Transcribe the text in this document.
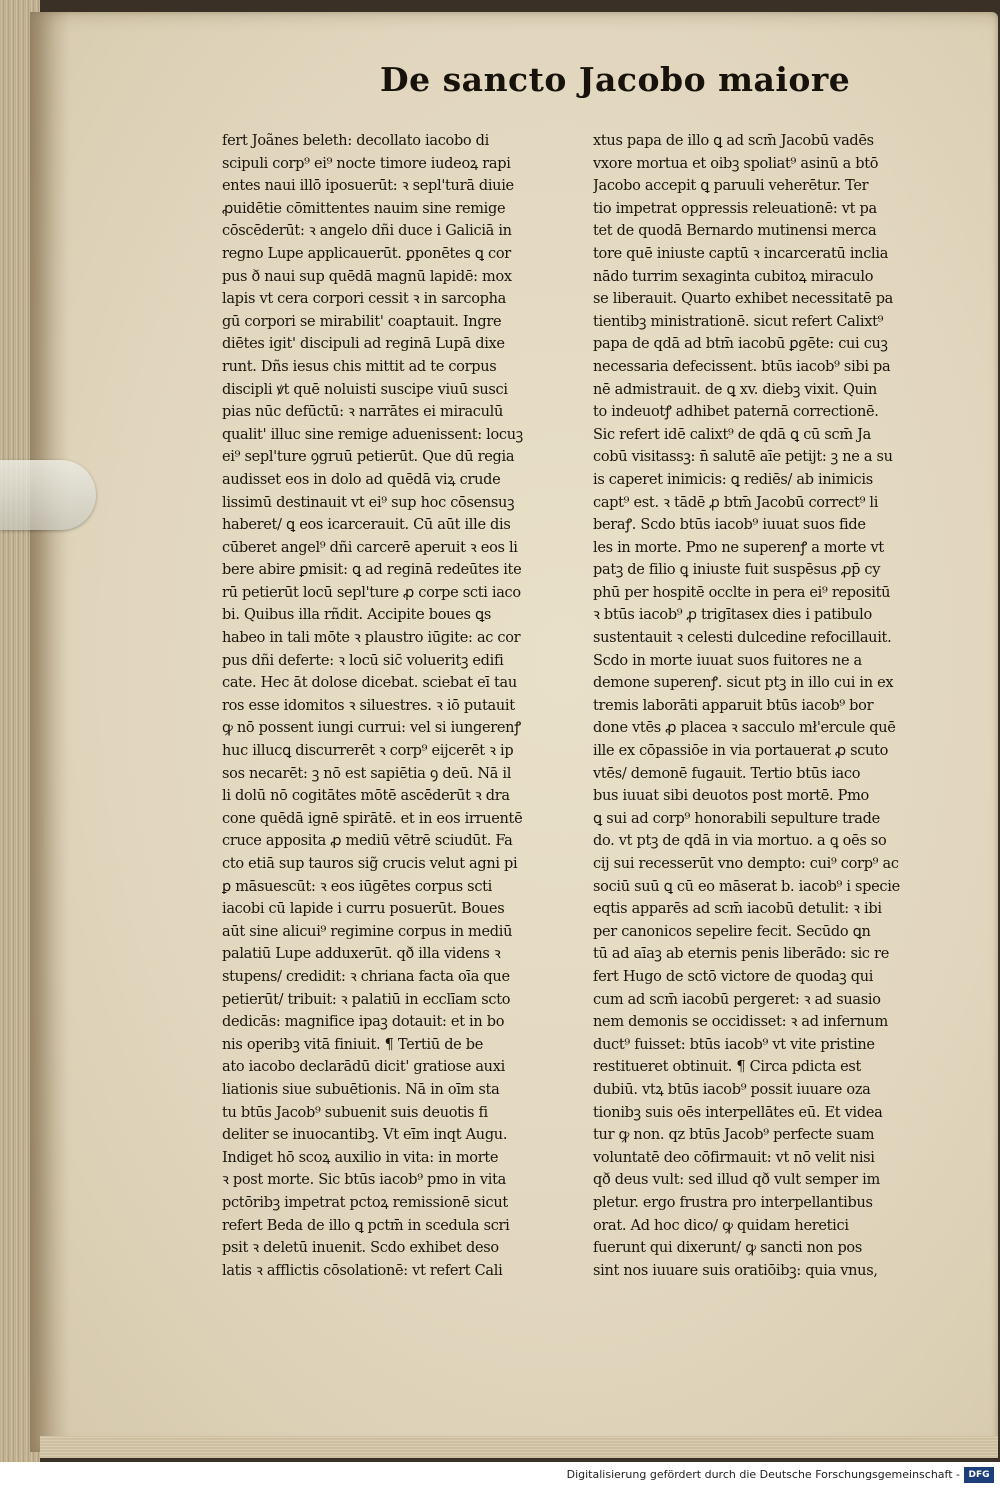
De sancto Jacobo maiore
fert Joãnes beleth: decollato iacobo di
scipuli corp⁹ ei⁹ nocte timore iudeoꝝ rapi
entes naui illō iposuerūt: ꝛ sepl'turā diuie
ꝓuidētie cōmittentes nauim sine remige
cōscēderūt: ꝛ angelo dñi duce i Galiciā in
regno Lupe applicauerūt. ꝑponētes ꝗ cor
pus ð naui sup quēdā magnū lapidē: mox
lapis vt cera corpori cessit ꝛ in sarcopha
gū corpori se mirabilit' coaptauit. Ingre
diētes igit' discipuli ad reginā Lupā dixe
runt. Dñs iesus chis mittit ad te corpus
discipli ꝟt quē noluisti suscipe viuū susci
pias nūc defūctū: ꝛ narrātes ei miraculū
qualit' illuc sine remige aduenissent: locuꝫ
ei⁹ sepl'ture ꝯgruū petierūt. Que dū regia
audisset eos in dolo ad quēdā viꝝ crude
lissimū destinauit vt ei⁹ sup hoc cōsensuꝫ
haberet/ ꝗ eos icarcerauit. Cū aūt ille dis
cūberet angel⁹ dñi carcerē aperuit ꝛ eos li
bere abire ꝑmisit: ꝗ ad reginā redeūtes ite
rū petierūt locū sepl'ture ꝓ corpe scti iaco
bi. Quibus illa rñdit. Accipite boues ꝗs
habeo in tali mōte ꝛ plaustro iūgite: ac cor
pus dñi deferte: ꝛ locū sic̄ volueritꝫ edifi
cate. Hec āt dolose dicebat. sciebat eī tau
ros esse idomitos ꝛ siluestres. ꝛ iō putauit
ꝙ nō possent iungi currui: vel si iungerenꝭ
huc illucꝗ discurrerēt ꝛ corp⁹ eijcerēt ꝛ ip
sos necarēt: ꝫ nō est sapiētia ꝯ deū. Nā il
li dolū nō cogitātes mōtē ascēderūt ꝛ dra
cone quēdā ignē spirātē. et in eos irruentē
cruce apposita ꝓ mediū vētrē sciudūt. Fa
cto etiā sup tauros sig̃ crucis velut agni pi
ꝑ māsuescūt: ꝛ eos iūgētes corpus scti
iacobi cū lapide i curru posuerūt. Boues
aūt sine alicui⁹ regimine corpus in mediū
palatiū Lupe adduxerūt. qð illa videns ꝛ
stupens/ credidit: ꝛ chriana facta oīa que
petierūt/ tribuit: ꝛ palatiū in ecclīam scto
dedicās: magnifice ipaꝫ dotauit: et in bo
nis operibꝫ vitā finiuit. ¶ Tertiū de be
ato iacobo declarādū dicit' gratiose auxi
liationis siue subuētionis. Nā in oīm sta
tu btūs Jacob⁹ subuenit suis deuotis fi
deliter se inuocantibꝫ. Vt eīm inqt Augu.
Indiget hō scoꝝ auxilio in vita: in morte
ꝛ post morte. Sic btūs iacob⁹ pmo in vita
pctōribꝫ impetrat pctoꝝ remissionē sicut
refert Beda de illo ꝗ pctm̄ in scedula scri
psit ꝛ deletū inuenit. Scdo exhibet deso
latis ꝛ afflictis cōsolationē: vt refert Cali
xtus papa de illo ꝗ ad scm̄ Jacobū vadēs
vxore mortua et oibꝫ spoliat⁹ asinū a btō
Jacobo accepit ꝗ paruuli veherētur. Ter
tio impetrat oppressis releuationē: vt pa
tet de quodā Bernardo mutinensi merca
tore quē iniuste captū ꝛ incarceratū inclia
nādo turrim sexaginta cubitoꝝ miraculo
se liberauit. Quarto exhibet necessitatē pa
tientibꝫ ministrationē. sicut refert Calixt⁹
papa de qdā ad btm̄ iacobū ꝑgēte: cui cuꝫ
necessaria defecissent. btūs iacob⁹ sibi pa
nē admistrauit. de ꝗ xv. diebꝫ vixit. Quin
to indeuotꝭ adhibet paternā correctionē.
Sic refert idē calixt⁹ de qdā ꝗ cū scm̄ Ja
cobū visitassꝫ: n̄ salutē aīe petijt: ꝫ ne a su
is caperet inimicis: ꝗ rediēs/ ab inimicis
capt⁹ est. ꝛ tādē ꝓ btm̄ Jacobū correct⁹ li
beraꝭ. Scdo btūs iacob⁹ iuuat suos fide
les in morte. Pmo ne superenꝭ a morte vt
patꝫ de filio ꝗ iniuste fuit suspēsus ꝓp̄ cy
phū per hospitē occlte in pera ei⁹ repositū
ꝛ btūs iacob⁹ ꝓ trigītasex dies i patibulo
sustentauit ꝛ celesti dulcedine refocillauit.
Scdo in morte iuuat suos fuitores ne a
demone superenꝭ. sicut ptꝫ in illo cui in ex
tremis laborāti apparuit btūs iacob⁹ bor
done vtēs ꝓ placea ꝛ sacculo mł'ercule quē
ille ex cōpassiōe in via portauerat ꝓ scuto
vtēs/ demonē fugauit. Tertio btūs iaco
bus iuuat sibi deuotos post mortē. Pmo
ꝗ sui ad corp⁹ honorabili sepulture trade
do. vt ptꝫ de qdā in via mortuo. a ꝗ oēs so
cij sui recesserūt vno dempto: cui⁹ corp⁹ ac
sociū suū ꝗ cū eo māserat b. iacob⁹ i specie
eqtis apparēs ad scm̄ iacobū detulit: ꝛ ibi
per canonicos sepelire fecit. Secūdo ꝗn
tū ad aīaꝫ ab eternis penis liberādo: sic re
fert Hugo de sctō victore de quodaꝫ qui
cum ad scm̄ iacobū pergeret: ꝛ ad suasio
nem demonis se occidisset: ꝛ ad infernum
duct⁹ fuisset: btūs iacob⁹ vt vite pristine
restitueret obtinuit. ¶ Circa pdicta est
dubiū. vtꝝ btūs iacob⁹ possit iuuare oza
tionibꝫ suis oēs interpellātes eū. Et videa
tur ꝙ non. qz btūs Jacob⁹ perfecte suam
voluntatē deo cōfirmauit: vt nō velit nisi
qð deus vult: sed illud qð vult semper im
pletur. ergo frustra pro interpellantibus
orat. Ad hoc dico/ ꝙ quidam heretici
fuerunt qui dixerunt/ ꝙ sancti non pos
sint nos iuuare suis oratiōibꝫ: quia vnus,
Digitalisierung gefördert durch die Deutsche Forschungsgemeinschaft - DFG
